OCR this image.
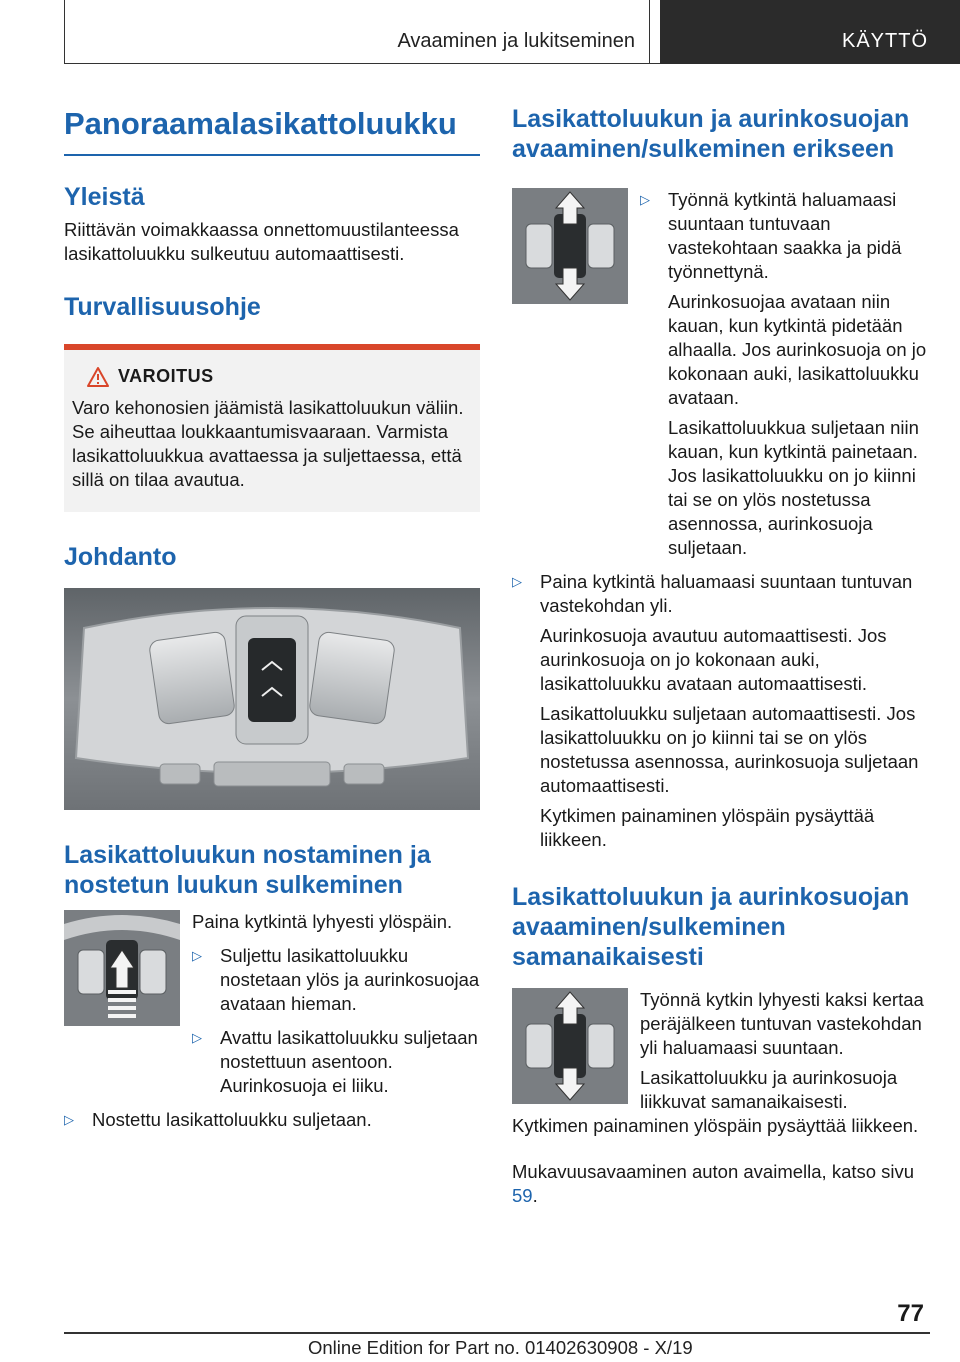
Avaaminen ja lukitseminen	KÄYTTÖ
Panoraamalasikattoluukku
Yleistä

Riittävän voimakkaassa onnettomuustilanteessa lasikattoluukku sulkeutuu automaattisesti.

Turvallisuusohje
VAROITUS

Varo kehonosien jäämistä lasikattoluukun väliin. Se aiheuttaa loukkaantumisvaaraan. Varmista lasikattoluukkua avattaessa ja suljettaessa, että sillä on tilaa avautua.

Johdanto
Lasikattoluukun nostaminen ja nostetun luukun sulkeminen

Paina kytkintä lyhyesti ylöspäin.

▷ Suljettu lasikattoluukku nostetaan ylös ja aurinkosuojaa avataan hieman.

▷ Avattu lasikattoluukku suljetaan nostettuun asentoon. Aurinkosuoja ei liiku.

▷ Nostettu lasikattoluukku suljetaan.

Lasikattoluukun ja aurinkosuojan avaaminen/sulkeminen erikseen
▷ Työnnä kytkintä haluamaasi suuntaan tuntuvaan vastekohtaan saakka ja pidä työnnettynä.

Aurinkosuojaa avataan niin kauan, kun kytkintä pidetään alhaalla. Jos aurinkosuoja on jo kokonaan auki, lasikattoluukku avataan.

Lasikattoluukkua suljetaan niin kauan, kun kytkintä painetaan. Jos lasikattoluukku on jo kiinni tai se on ylös nostetussa asennossa, aurinkosuoja suljetaan.

▷ Paina kytkintä haluamaasi suuntaan tuntuvan vastekohdan yli.

Aurinkosuoja avautuu automaattisesti. Jos aurinkosuoja on jo kokonaan auki, lasikattoluukku avataan automaattisesti.

Lasikattoluukku suljetaan automaattisesti. Jos lasikattoluukku on jo kiinni tai se on ylös nostetussa asennossa, aurinkosuoja suljetaan automaattisesti.

Kytkimen painaminen ylöspäin pysäyttää liikkeen.

Lasikattoluukun ja aurinkosuojan avaaminen/sulkeminen samanaikaisesti

Työnnä kytkin lyhyesti kaksi kertaa peräjälkeen tuntuvan vastekohdan yli haluamaasi suuntaan.

Lasikattoluukku ja aurinkosuoja liikkuvat samanaikaisesti. Kytkimen painaminen ylöspäin pysäyttää liikkeen.

Mukavuusavaaminen auton avaimella, katso sivu 59.

77
Online Edition for Part no. 01402630908 - X/19
